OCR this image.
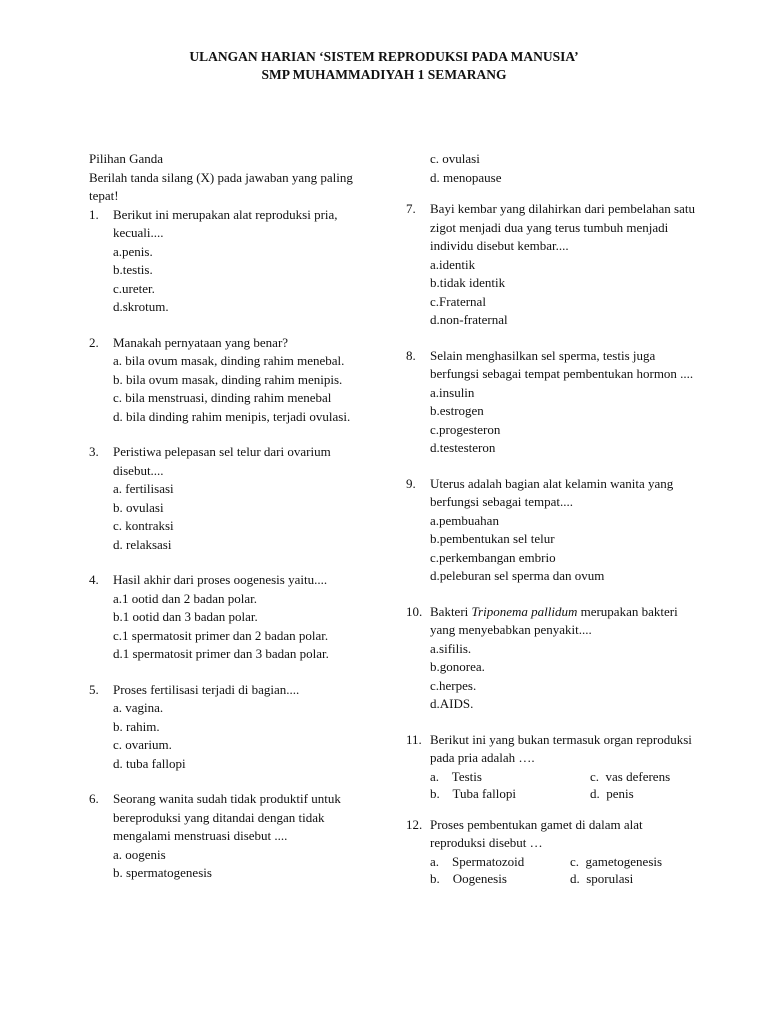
ULANGAN HARIAN ‘SISTEM REPRODUKSI PADA MANUSIA’
SMP MUHAMMADIYAH 1 SEMARANG
Pilihan Ganda
Berilah tanda silang (X) pada jawaban yang paling tepat!
1. Berikut ini merupakan alat reproduksi pria, kecuali....
a.penis.
b.testis.
c.ureter.
d.skrotum.
2. Manakah pernyataan yang benar?
a. bila ovum masak, dinding rahim menebal.
b. bila ovum masak, dinding rahim menipis.
c. bila menstruasi, dinding rahim menebal
d. bila dinding rahim menipis, terjadi ovulasi.
3. Peristiwa pelepasan sel telur dari ovarium disebut....
a. fertilisasi
b. ovulasi
c. kontraksi
d. relaksasi
4. Hasil akhir dari proses oogenesis yaitu....
a.1 ootid dan 2 badan polar.
b.1 ootid dan 3 badan polar.
c.1 spermatosit primer dan 2 badan polar.
d.1 spermatosit primer dan 3 badan polar.
5. Proses fertilisasi terjadi di bagian....
a. vagina.
b. rahim.
c. ovarium.
d. tuba fallopi
6. Seorang wanita sudah tidak produktif untuk bereproduksi yang ditandai dengan tidak mengalami menstruasi disebut ....
a. oogenis
b. spermatogenesis
c. ovulasi
d. menopause
7. Bayi kembar yang dilahirkan dari pembelahan satu zigot menjadi dua yang terus tumbuh menjadi individu disebut kembar....
a.identik
b.tidak identik
c.Fraternal
d.non-fraternal
8. Selain menghasilkan sel sperma, testis juga berfungsi sebagai tempat pembentukan hormon ....
a.insulin
b.estrogen
c.progesteron
d.testesteron
9. Uterus adalah bagian alat kelamin wanita yang berfungsi sebagai tempat....
a.pembuahan
b.pembentukan sel telur
c.perkembangan embrio
d.peleburan sel sperma dan ovum
10. Bakteri Triponema pallidum merupakan bakteri yang menyebabkan penyakit....
a.sifilis.
b.gonorea.
c.herpes.
d.AIDS.
11. Berikut ini yang bukan termasuk organ reproduksi pada pria adalah ….
a.    Testis	c.  vas deferens
b.    Tuba fallopi	d.  penis
12. Proses pembentukan gamet di dalam alat reproduksi disebut …
a.    Spermatozoid	c.  gametogenesis
b.    Oogenesis	d.  sporulasi
